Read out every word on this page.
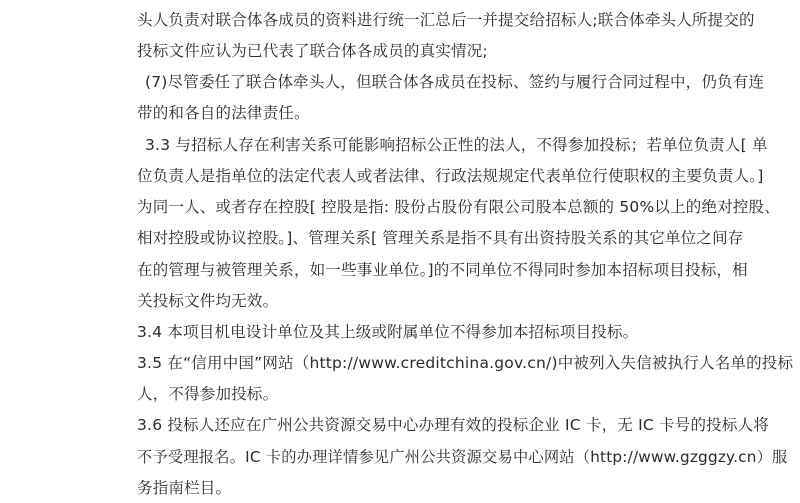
头人负责对联合体各成员的资料进行统一汇总后一并提交给招标人;联合体牵头人所提交的
投标文件应认为已代表了联合体各成员的真实情况;
(7)尽管委任了联合体牵头人，但联合体各成员在投标、签约与履行合同过程中，仍负有连
带的和各自的法律责任。
3.3 与招标人存在利害关系可能影响招标公正性的法人，不得参加投标；若单位负责人[ 单
位负责人是指单位的法定代表人或者法律、行政法规规定代表单位行使职权的主要负责人。]
为同一人、或者存在控股[ 控股是指: 股份占股份有限公司股本总额的 50%以上的绝对控股、
相对控股或协议控股。]、管理关系[ 管理关系是指不具有出资持股关系的其它单位之间存
在的管理与被管理关系，如一些事业单位。]的不同单位不得同时参加本招标项目投标，相
关投标文件均无效。
3.4 本项目机电设计单位及其上级或附属单位不得参加本招标项目投标。
3.5 在“信用中国”网站（http://www.creditchina.gov.cn/)中被列入失信被执行人名单的投标
人，不得参加投标。
3.6 投标人还应在广州公共资源交易中心办理有效的投标企业 IC 卡，无 IC 卡号的投标人将
不予受理报名。IC 卡的办理详情参见广州公共资源交易中心网站（http://www.gzggzy.cn）服
务指南栏目。
